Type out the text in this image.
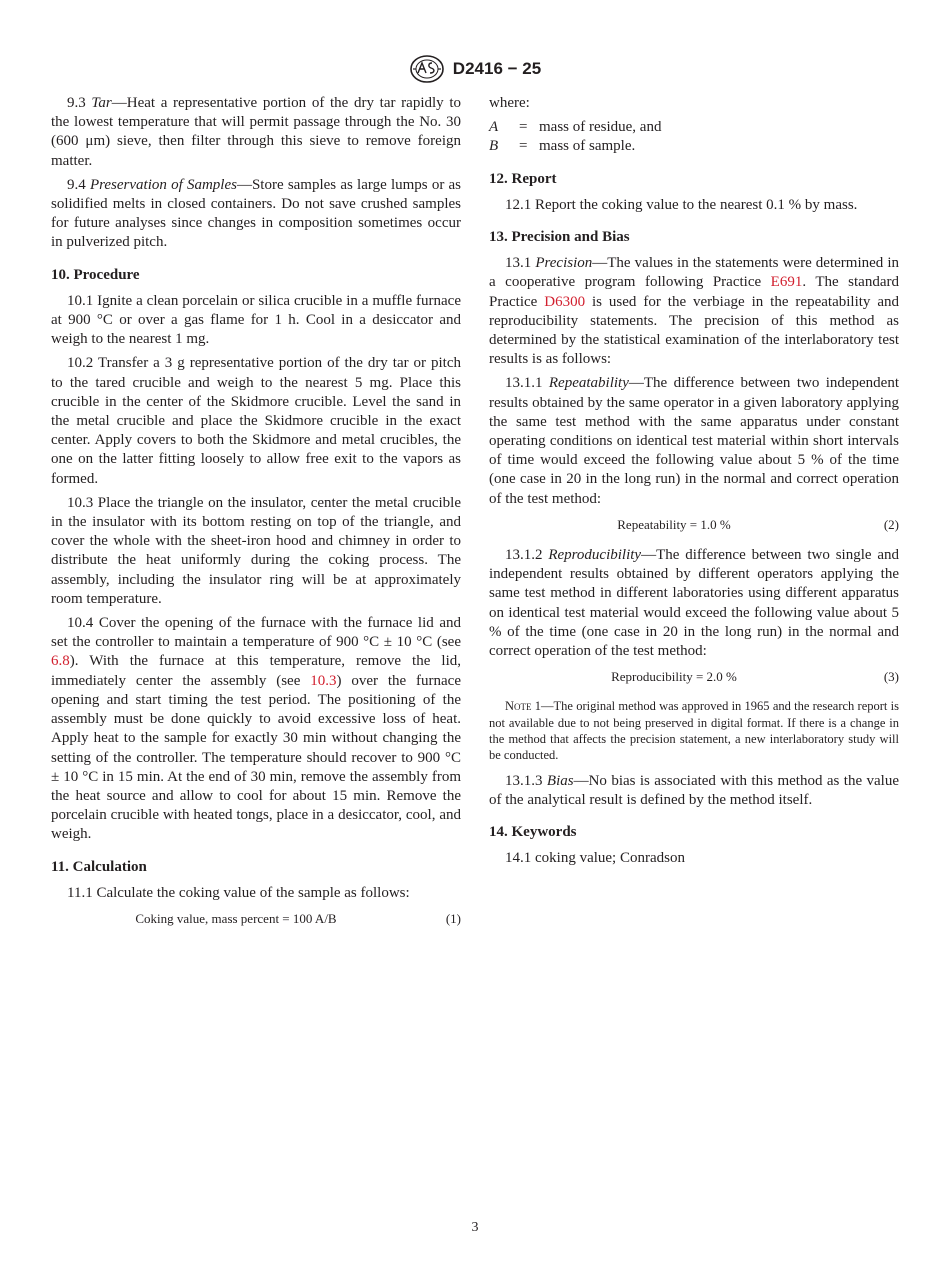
D2416 − 25

9.3 Tar—Heat a representative portion of the dry tar rapidly to the lowest temperature that will permit passage through the No. 30 (600 μm) sieve, then filter through this sieve to remove foreign matter.

9.4 Preservation of Samples—Store samples as large lumps or as solidified melts in closed containers. Do not save crushed samples for future analyses since changes in composition sometimes occur in pulverized pitch.

10. Procedure

10.1 Ignite a clean porcelain or silica crucible in a muffle furnace at 900 °C or over a gas flame for 1 h. Cool in a desiccator and weigh to the nearest 1 mg.

10.2 Transfer a 3 g representative portion of the dry tar or pitch to the tared crucible and weigh to the nearest 5 mg. Place this crucible in the center of the Skidmore crucible. Level the sand in the metal crucible and place the Skidmore crucible in the exact center. Apply covers to both the Skidmore and metal crucibles, the one on the latter fitting loosely to allow free exit to the vapors as formed.

10.3 Place the triangle on the insulator, center the metal crucible in the insulator with its bottom resting on top of the triangle, and cover the whole with the sheet-iron hood and chimney in order to distribute the heat uniformly during the coking process. The assembly, including the insulator ring will be at approximately room temperature.

10.4 Cover the opening of the furnace with the furnace lid and set the controller to maintain a temperature of 900 °C ± 10 °C (see 6.8). With the furnace at this temperature, remove the lid, immediately center the assembly (see 10.3) over the furnace opening and start timing the test period. The positioning of the assembly must be done quickly to avoid excessive loss of heat. Apply heat to the sample for exactly 30 min without changing the setting of the controller. The temperature should recover to 900 °C ± 10 °C in 15 min. At the end of 30 min, remove the assembly from the heat source and allow to cool for about 15 min. Remove the porcelain crucible with heated tongs, place in a desiccator, cool, and weigh.

11. Calculation

11.1 Calculate the coking value of the sample as follows:

Coking value, mass percent = 100 A/B	(1)

where:

A	= mass of residue, and
B	= mass of sample.
12. Report

12.1 Report the coking value to the nearest 0.1 % by mass.

13. Precision and Bias

13.1 Precision—The values in the statements were determined in a cooperative program following Practice E691. The standard Practice D6300 is used for the verbiage in the repeatability and reproducibility statements. The precision of this method as determined by the statistical examination of the interlaboratory test results is as follows:

13.1.1 Repeatability—The difference between two independent results obtained by the same operator in a given laboratory applying the same test method with the same apparatus under constant operating conditions on identical test material within short intervals of time would exceed the following value about 5 % of the time (one case in 20 in the long run) in the normal and correct operation of the test method:

Repeatability = 1.0 %	(2)

13.1.2 Reproducibility—The difference between two single and independent results obtained by different operators applying the same test method in different laboratories using different apparatus on identical test material would exceed the following value about 5 % of the time (one case in 20 in the long run) in the normal and correct operation of the test method:

Reproducibility = 2.0 %	(3)

Note 1—The original method was approved in 1965 and the research report is not available due to not being preserved in digital format. If there is a change in the method that affects the precision statement, a new interlaboratory study will be conducted.

13.1.3 Bias—No bias is associated with this method as the value of the analytical result is defined by the method itself.

14. Keywords

14.1 coking value; Conradson

3
